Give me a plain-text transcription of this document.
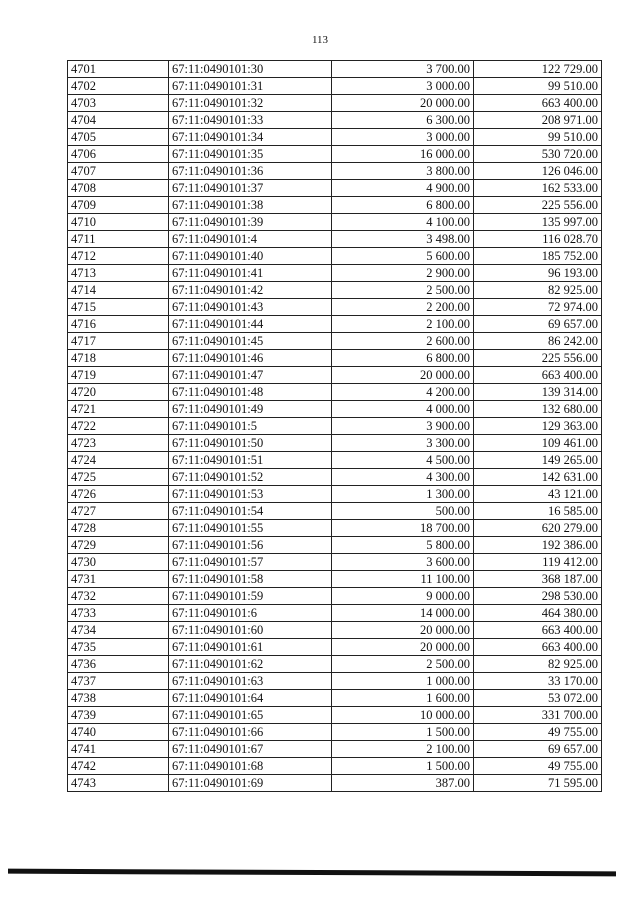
113
4701	67:11:0490101:30	3 700.00	122 729.00
4702	67:11:0490101:31	3 000.00	99 510.00
4703	67:11:0490101:32	20 000.00	663 400.00
4704	67:11:0490101:33	6 300.00	208 971.00
4705	67:11:0490101:34	3 000.00	99 510.00
4706	67:11:0490101:35	16 000.00	530 720.00
4707	67:11:0490101:36	3 800.00	126 046.00
4708	67:11:0490101:37	4 900.00	162 533.00
4709	67:11:0490101:38	6 800.00	225 556.00
4710	67:11:0490101:39	4 100.00	135 997.00
4711	67:11:0490101:4	3 498.00	116 028.70
4712	67:11:0490101:40	5 600.00	185 752.00
4713	67:11:0490101:41	2 900.00	96 193.00
4714	67:11:0490101:42	2 500.00	82 925.00
4715	67:11:0490101:43	2 200.00	72 974.00
4716	67:11:0490101:44	2 100.00	69 657.00
4717	67:11:0490101:45	2 600.00	86 242.00
4718	67:11:0490101:46	6 800.00	225 556.00
4719	67:11:0490101:47	20 000.00	663 400.00
4720	67:11:0490101:48	4 200.00	139 314.00
4721	67:11:0490101:49	4 000.00	132 680.00
4722	67:11:0490101:5	3 900.00	129 363.00
4723	67:11:0490101:50	3 300.00	109 461.00
4724	67:11:0490101:51	4 500.00	149 265.00
4725	67:11:0490101:52	4 300.00	142 631.00
4726	67:11:0490101:53	1 300.00	43 121.00
4727	67:11:0490101:54	500.00	16 585.00
4728	67:11:0490101:55	18 700.00	620 279.00
4729	67:11:0490101:56	5 800.00	192 386.00
4730	67:11:0490101:57	3 600.00	119 412.00
4731	67:11:0490101:58	11 100.00	368 187.00
4732	67:11:0490101:59	9 000.00	298 530.00
4733	67:11:0490101:6	14 000.00	464 380.00
4734	67:11:0490101:60	20 000.00	663 400.00
4735	67:11:0490101:61	20 000.00	663 400.00
4736	67:11:0490101:62	2 500.00	82 925.00
4737	67:11:0490101:63	1 000.00	33 170.00
4738	67:11:0490101:64	1 600.00	53 072.00
4739	67:11:0490101:65	10 000.00	331 700.00
4740	67:11:0490101:66	1 500.00	49 755.00
4741	67:11:0490101:67	2 100.00	69 657.00
4742	67:11:0490101:68	1 500.00	49 755.00
4743	67:11:0490101:69	387.00	71 595.00
